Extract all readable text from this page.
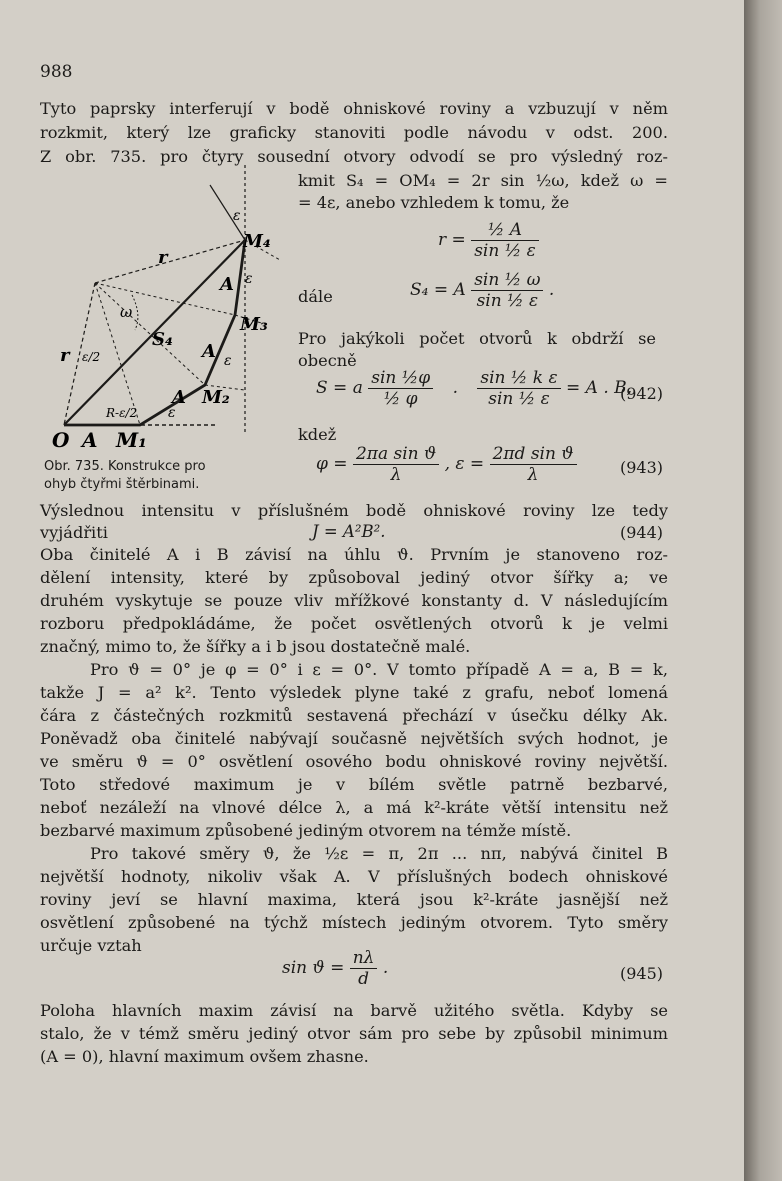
988
Tyto paprsky interferují v bodě ohniskové roviny a vzbuzují v něm
rozkmit, který lze graficky stanoviti podle návodu v odst. 200.
Z obr. 735. pro čtyry sousední otvory odvodí se pro výsledný roz-
ε
M₄
r
A ε
ω
M₃
S₄
A ε
r ε/2
A M₂
R-ε/2 ε
O A M₁
Obr. 735. Konstrukce pro
ohyb čtyřmi štěrbinami.
kmit S₄ = OM₄ = 2r sin ½ω, kdež ω =
= 4ε, anebo vzhledem k tomu, že
$r = \frac{\text{½ A}}{\text{sin ½ ε}}$
dále	S₄ = A $\frac{\text{sin ½ ω}}{\text{sin ½ ε}}$ .
Pro jakýkoli počet otvorů k obdrží se
obecně
S = a $\frac{\text{sin ½φ}}{\text{½ φ}}$ . $\frac{\text{sin ½ k ε}}{\text{sin ½ ε}} = A$ . B,
(942)
kdež
$\varphi = \frac{\text{2πa sin ϑ}}{\lambda}$ , $\varepsilon = \frac{\text{2πd sin ϑ}}{\lambda}$	(943)
Výslednou intensitu v příslušném bodě ohniskové roviny lze tedy
vyjádřiti	J = A²B².	(944)
Oba činitelé A i B závisí na úhlu ϑ. Prvním je stanoveno roz-
dělení intensity, které by způsoboval jediný otvor šířky a; ve
druhém vyskytuje se pouze vliv mřížkové konstanty d. V následujícím
rozboru předpokládáme, že počet osvětlených otvorů k je velmi
značný, mimo to, že šířky a i b jsou dostatečně malé.
Pro ϑ = 0° je φ = 0° i ε = 0°. V tomto případě A = a, B = k,
takže J = a² k². Tento výsledek plyne také z grafu, neboť lomená
čára z částečných rozkmitů sestavená přechází v úsečku délky Ak.
Poněvadž oba činitelé nabývají současně největších svých hodnot, je
ve směru ϑ = 0° osvětlení osového bodu ohniskové roviny největší.
Toto středové maximum je v bílém světle patrně bezbarvé,
neboť nezáleží na vlnové délce λ, a má k²-kráte větší intensitu než
bezbarvé maximum způsobené jediným otvorem na témže místě.
Pro takové směry ϑ, že ½ε = π, 2π ... nπ, nabývá činitel B
největší hodnoty, nikoliv však A. V příslušných bodech ohniskové
roviny jeví se hlavní maxima, která jsou k²-kráte jasnější než
osvětlení způsobené na týchž místech jediným otvorem. Tyto směry
určuje vztah
$\sin ϑ = \frac{n\lambda}{d}$ .	(945)
Poloha hlavních maxim závisí na barvě užitého světla. Kdyby se
stalo, že v témž směru jediný otvor sám pro sebe by způsobil minimum
(A = 0), hlavní maximum ovšem zhasne.
